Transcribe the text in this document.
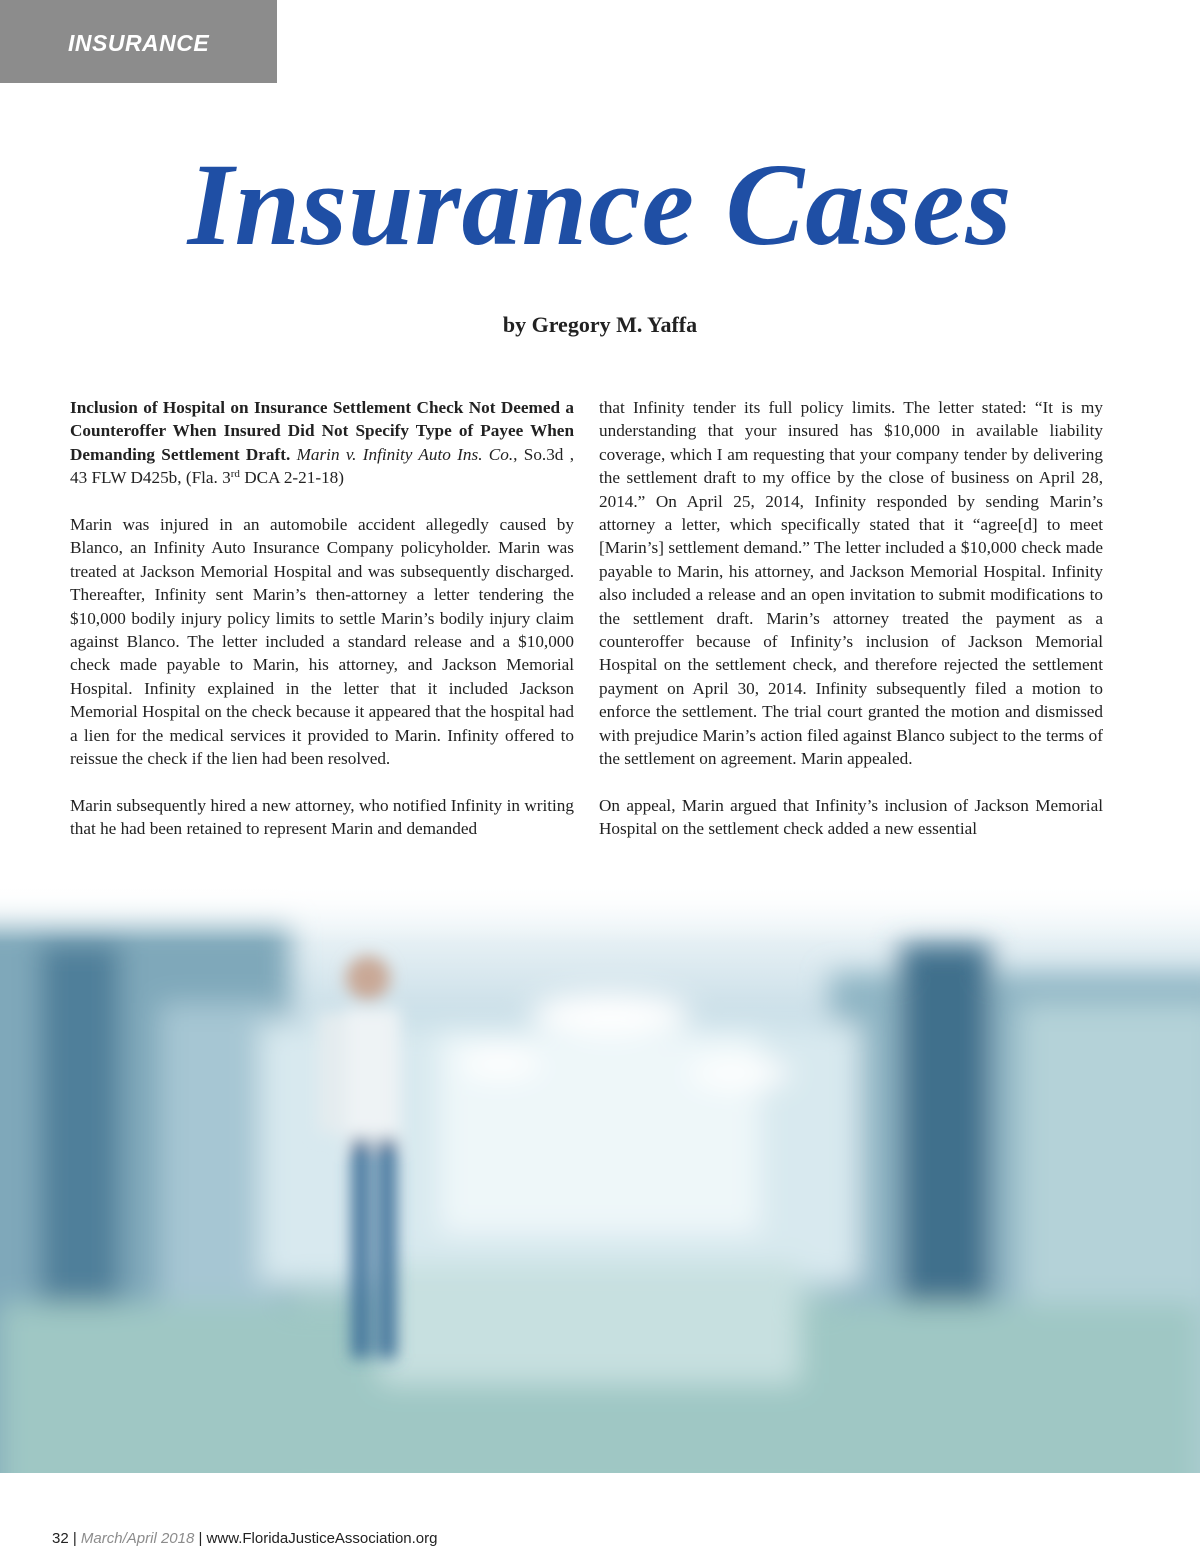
INSURANCE
Insurance Cases
by Gregory M. Yaffa

Inclusion of Hospital on Insurance Settlement Check Not Deemed a Counteroffer When Insured Did Not Specify Type of Payee When Demanding Settlement Draft. Marin v. Infinity Auto Ins. Co., So.3d , 43 FLW D425b, (Fla. 3rd DCA 2-21-18)

Marin was injured in an automobile accident allegedly caused by Blanco, an Infinity Auto Insurance Company policyholder. Marin was treated at Jackson Memorial Hospital and was subsequently discharged. Thereafter, Infinity sent Marin’s then-attorney a letter tendering the $10,000 bodily injury policy limits to settle Marin’s bodily injury claim against Blanco. The letter included a standard release and a $10,000 check made payable to Marin, his attorney, and Jackson Memorial Hospital. Infinity explained in the letter that it included Jackson Memorial Hospital on the check because it appeared that the hospital had a lien for the medical services it provided to Marin. Infinity offered to reissue the check if the lien had been resolved.

Marin subsequently hired a new attorney, who notified Infinity in writing that he had been retained to represent Marin and demanded

that Infinity tender its full policy limits. The letter stated: “It is my understanding that your insured has $10,000 in available liability coverage, which I am requesting that your company tender by delivering the settlement draft to my office by the close of business on April 28, 2014.” On April 25, 2014, Infinity responded by sending Marin’s attorney a letter, which specifically stated that it “agree[d] to meet [Marin’s] settlement demand.” The letter included a $10,000 check made payable to Marin, his attorney, and Jackson Memorial Hospital. Infinity also included a release and an open invitation to submit modifications to the settlement draft. Marin’s attorney treated the payment as a counteroffer because of Infinity’s inclusion of Jackson Memorial Hospital on the settlement check, and therefore rejected the settlement payment on April 30, 2014. Infinity subsequently filed a motion to enforce the settlement. The trial court granted the motion and dismissed with prejudice Marin’s action filed against Blanco subject to the terms of the settlement on agreement. Marin appealed.

On appeal, Marin argued that Infinity’s inclusion of Jackson Memorial Hospital on the settlement check added a new essential

32 | March/April 2018 | www.FloridaJusticeAssociation.org
